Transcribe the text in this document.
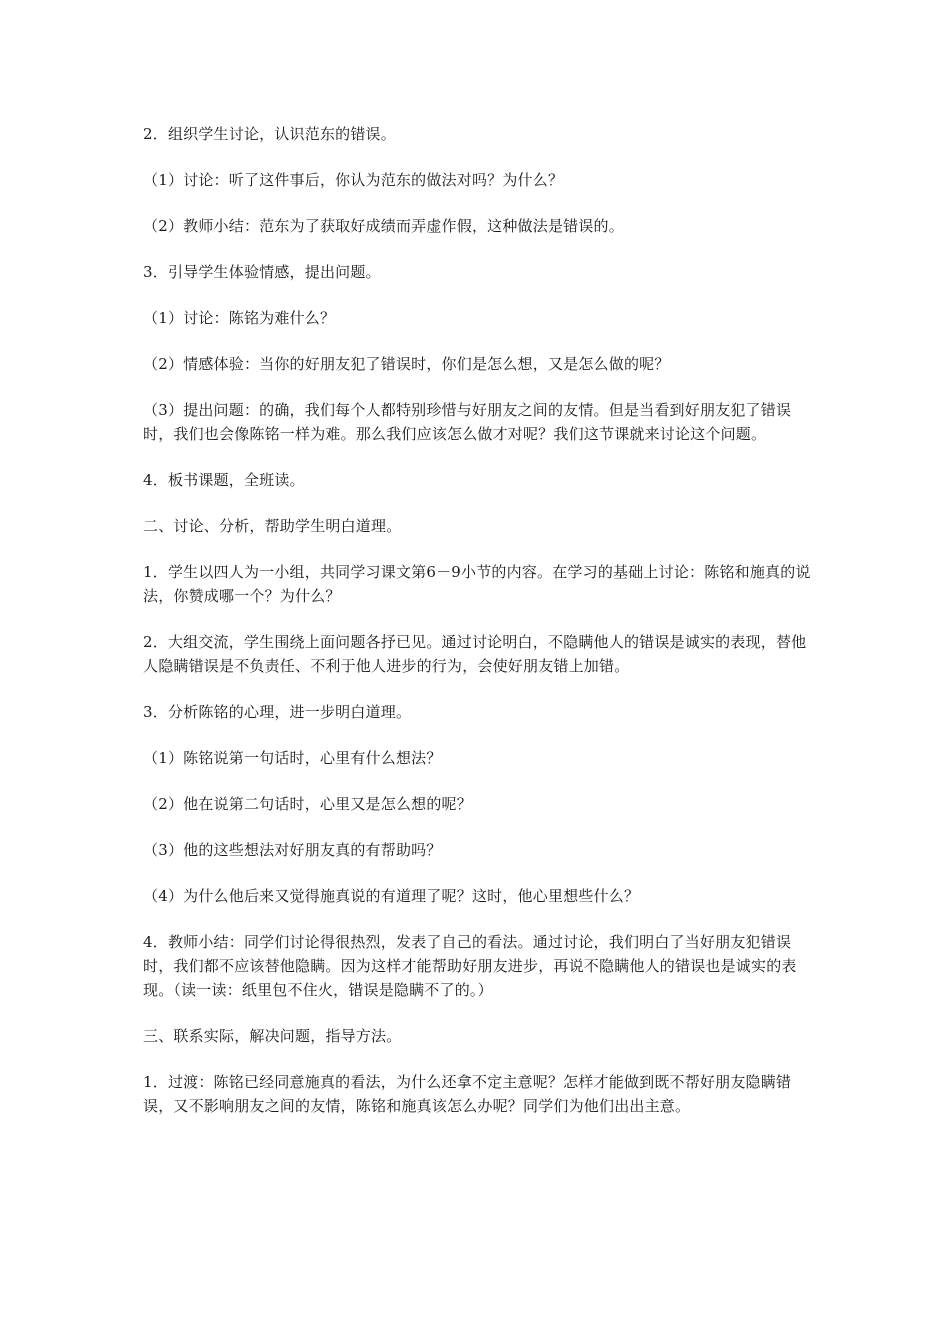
2．组织学生讨论，认识范东的错误。

（1）讨论：听了这件事后，你认为范东的做法对吗？为什么？

（2）教师小结：范东为了获取好成绩而弄虚作假，这种做法是错误的。

3．引导学生体验情感，提出问题。

（1）讨论：陈铭为难什么？

（2）情感体验：当你的好朋友犯了错误时，你们是怎么想，又是怎么做的呢？

（3）提出问题：的确，我们每个人都特别珍惜与好朋友之间的友情。但是当看到好朋友犯了错误时，我们也会像陈铭一样为难。那么我们应该怎么做才对呢？我们这节课就来讨论这个问题。

4．板书课题，全班读。

二、讨论、分析，帮助学生明白道理。

1．学生以四人为一小组，共同学习课文第6－9小节的内容。在学习的基础上讨论：陈铭和施真的说法，你赞成哪一个？为什么？

2．大组交流，学生围绕上面问题各抒已见。通过讨论明白，不隐瞒他人的错误是诚实的表现，替他人隐瞒错误是不负责任、不利于他人进步的行为，会使好朋友错上加错。

3．分析陈铭的心理，进一步明白道理。

（1）陈铭说第一句话时，心里有什么想法？

（2）他在说第二句话时，心里又是怎么想的呢？

（3）他的这些想法对好朋友真的有帮助吗？

（4）为什么他后来又觉得施真说的有道理了呢？这时，他心里想些什么？

4．教师小结：同学们讨论得很热烈，发表了自己的看法。通过讨论，我们明白了当好朋友犯错误时，我们都不应该替他隐瞒。因为这样才能帮助好朋友进步，再说不隐瞒他人的错误也是诚实的表现。（读一读：纸里包不住火，错误是隐瞒不了的。）

三、联系实际，解决问题，指导方法。

1．过渡：陈铭已经同意施真的看法，为什么还拿不定主意呢？怎样才能做到既不帮好朋友隐瞒错误，又不影响朋友之间的友情，陈铭和施真该怎么办呢？同学们为他们出出主意。
